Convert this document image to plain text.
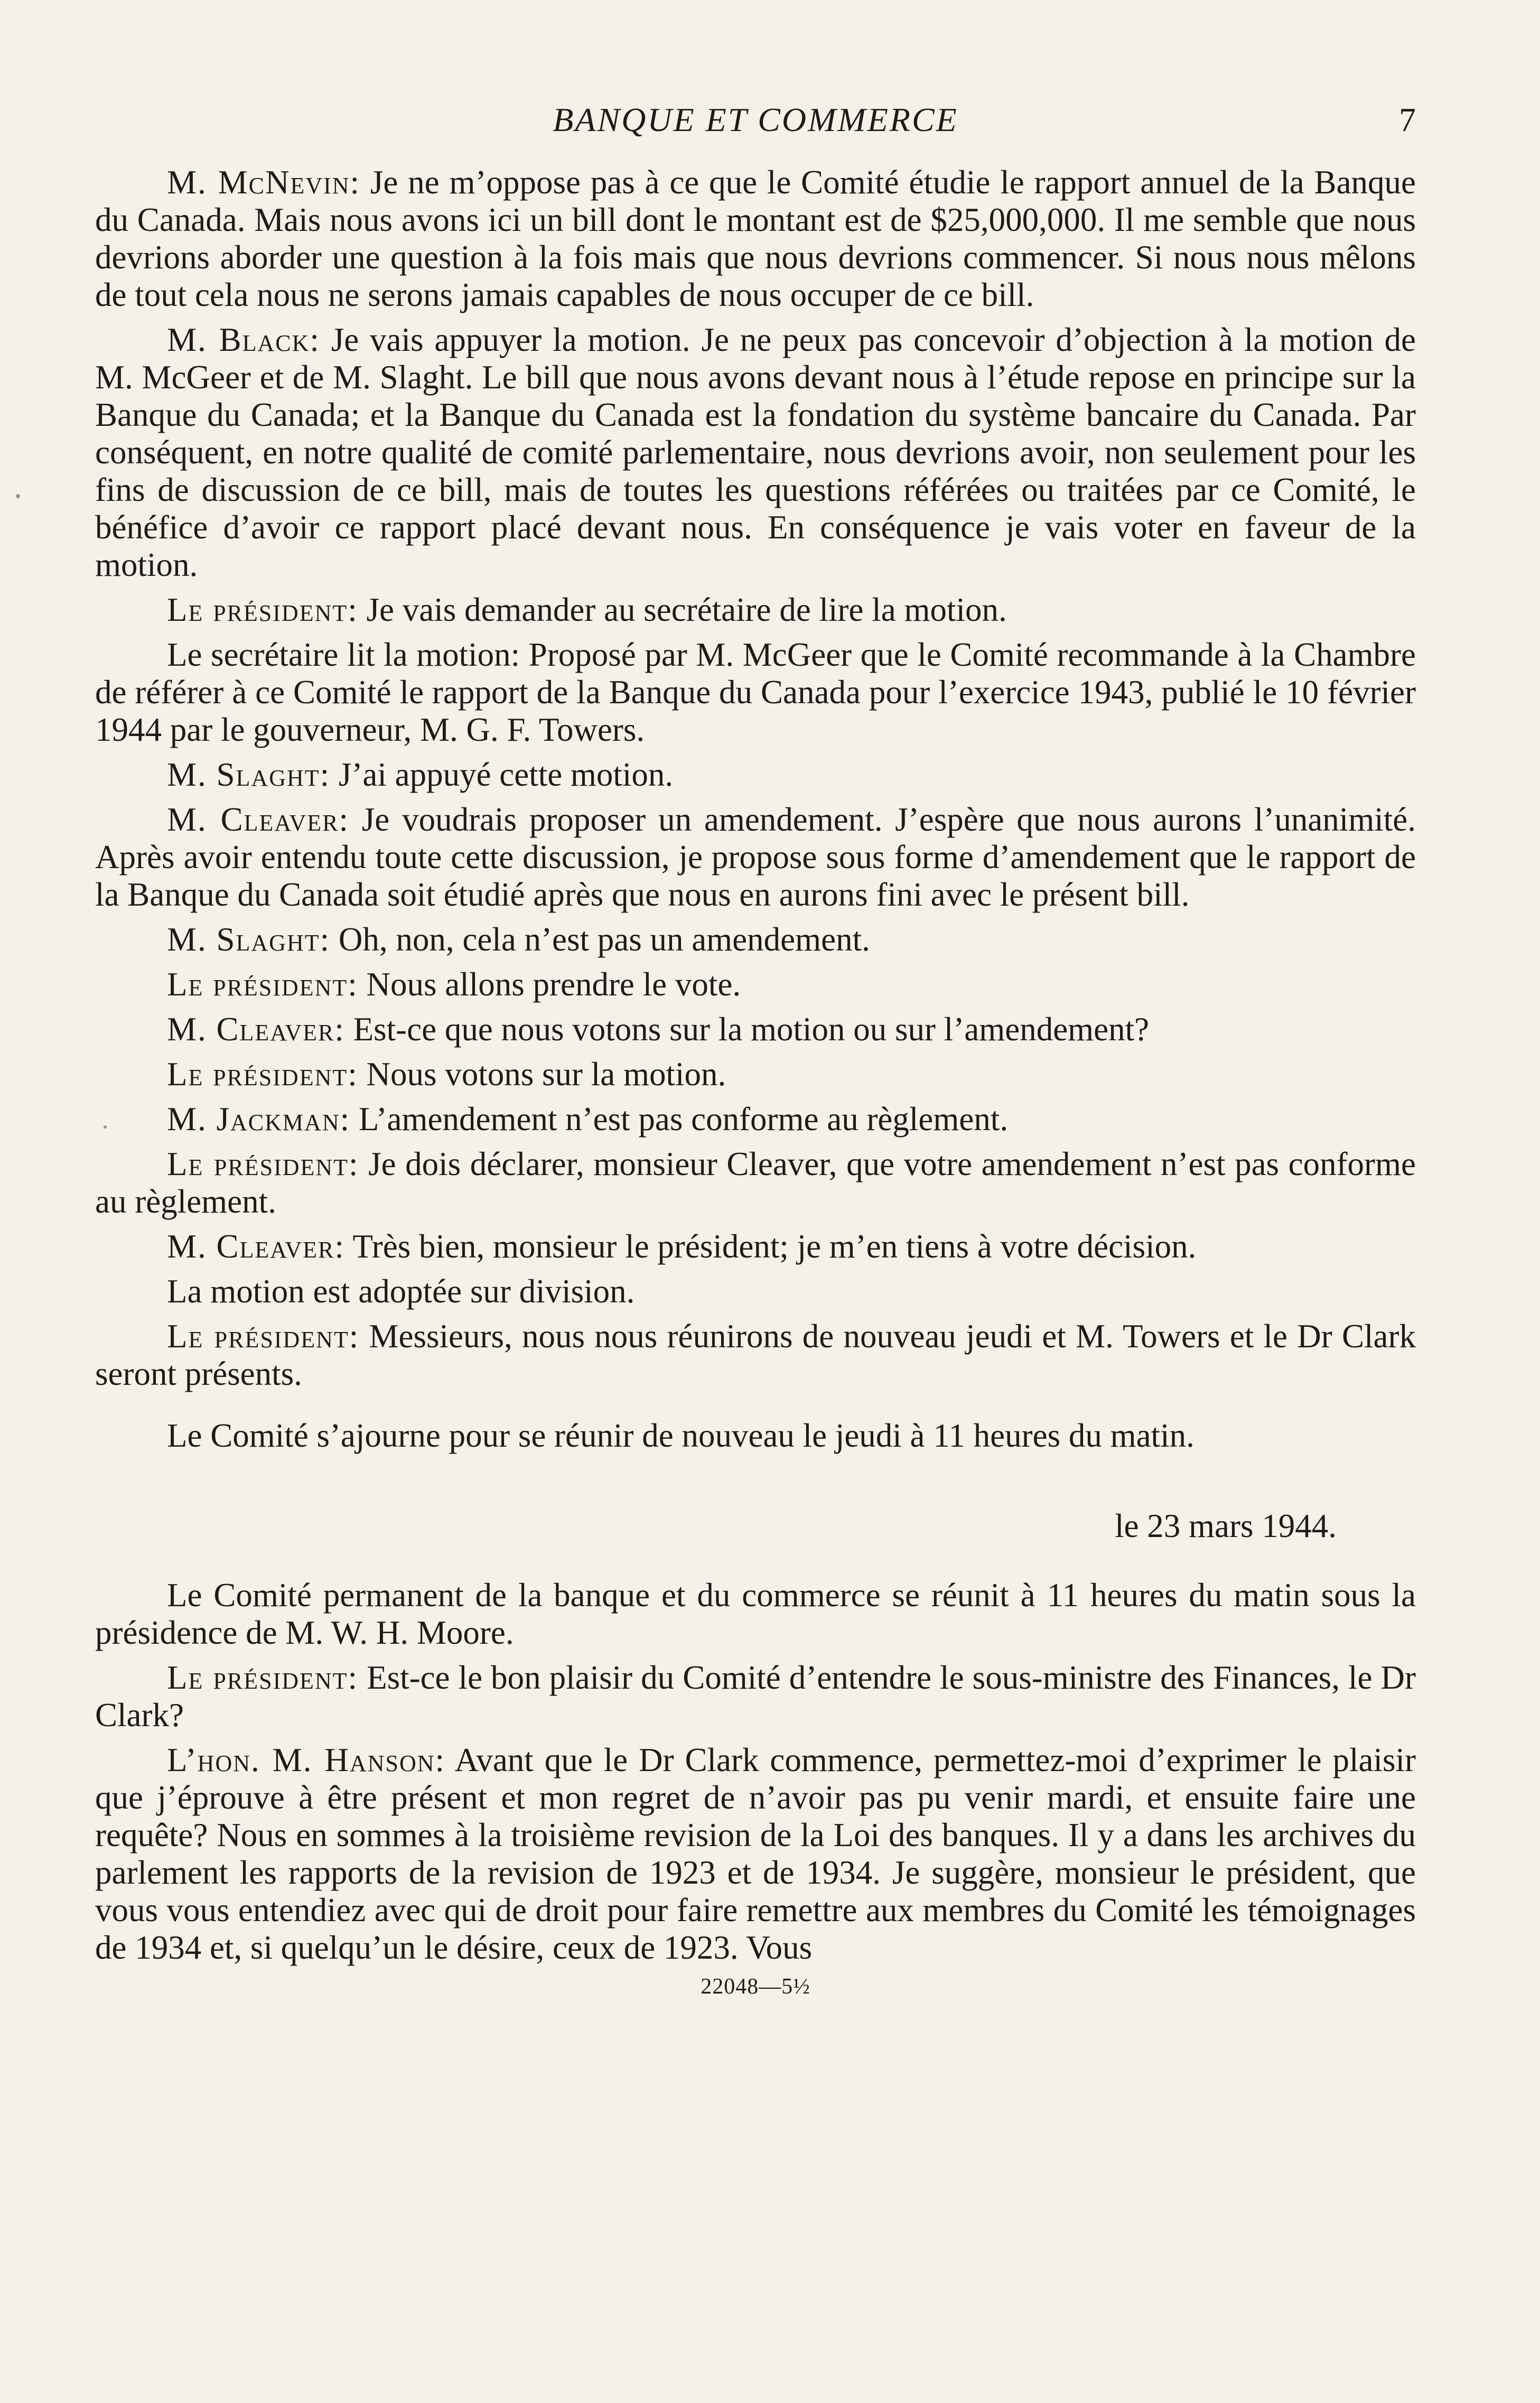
BANQUE ET COMMERCE	7

M. McNevin: Je ne m’oppose pas à ce que le Comité étudie le rapport annuel de la Banque du Canada. Mais nous avons ici un bill dont le montant est de $25,000,000. Il me semble que nous devrions aborder une question à la fois mais que nous devrions commencer. Si nous nous mêlons de tout cela nous ne serons jamais capables de nous occuper de ce bill.

M. Black: Je vais appuyer la motion. Je ne peux pas concevoir d’objection à la motion de M. McGeer et de M. Slaght. Le bill que nous avons devant nous à l’étude repose en principe sur la Banque du Canada; et la Banque du Canada est la fondation du système bancaire du Canada. Par conséquent, en notre qualité de comité parlementaire, nous devrions avoir, non seulement pour les fins de discussion de ce bill, mais de toutes les questions référées ou traitées par ce Comité, le bénéfice d’avoir ce rapport placé devant nous. En conséquence je vais voter en faveur de la motion.

Le président: Je vais demander au secrétaire de lire la motion.

Le secrétaire lit la motion: Proposé par M. McGeer que le Comité recommande à la Chambre de référer à ce Comité le rapport de la Banque du Canada pour l’exercice 1943, publié le 10 février 1944 par le gouverneur, M. G. F. Towers.

M. Slaght: J’ai appuyé cette motion.

M. Cleaver: Je voudrais proposer un amendement. J’espère que nous aurons l’unanimité. Après avoir entendu toute cette discussion, je propose sous forme d’amendement que le rapport de la Banque du Canada soit étudié après que nous en aurons fini avec le présent bill.

M. Slaght: Oh, non, cela n’est pas un amendement.

Le président: Nous allons prendre le vote.

M. Cleaver: Est-ce que nous votons sur la motion ou sur l’amendement?

Le président: Nous votons sur la motion.

M. Jackman: L’amendement n’est pas conforme au règlement.

Le président: Je dois déclarer, monsieur Cleaver, que votre amendement n’est pas conforme au règlement.

M. Cleaver: Très bien, monsieur le président; je m’en tiens à votre décision.

La motion est adoptée sur division.

Le président: Messieurs, nous nous réunirons de nouveau jeudi et M. Towers et le Dr Clark seront présents.

Le Comité s’ajourne pour se réunir de nouveau le jeudi à 11 heures du matin.

le 23 mars 1944.

Le Comité permanent de la banque et du commerce se réunit à 11 heures du matin sous la présidence de M. W. H. Moore.

Le président: Est-ce le bon plaisir du Comité d’entendre le sous-ministre des Finances, le Dr Clark?

L’hon. M. Hanson: Avant que le Dr Clark commence, permettez-moi d’exprimer le plaisir que j’éprouve à être présent et mon regret de n’avoir pas pu venir mardi, et ensuite faire une requête? Nous en sommes à la troisième revision de la Loi des banques. Il y a dans les archives du parlement les rapports de la revision de 1923 et de 1934. Je suggère, monsieur le président, que vous vous entendiez avec qui de droit pour faire remettre aux membres du Comité les témoignages de 1934 et, si quelqu’un le désire, ceux de 1923. Vous

22048—5½
